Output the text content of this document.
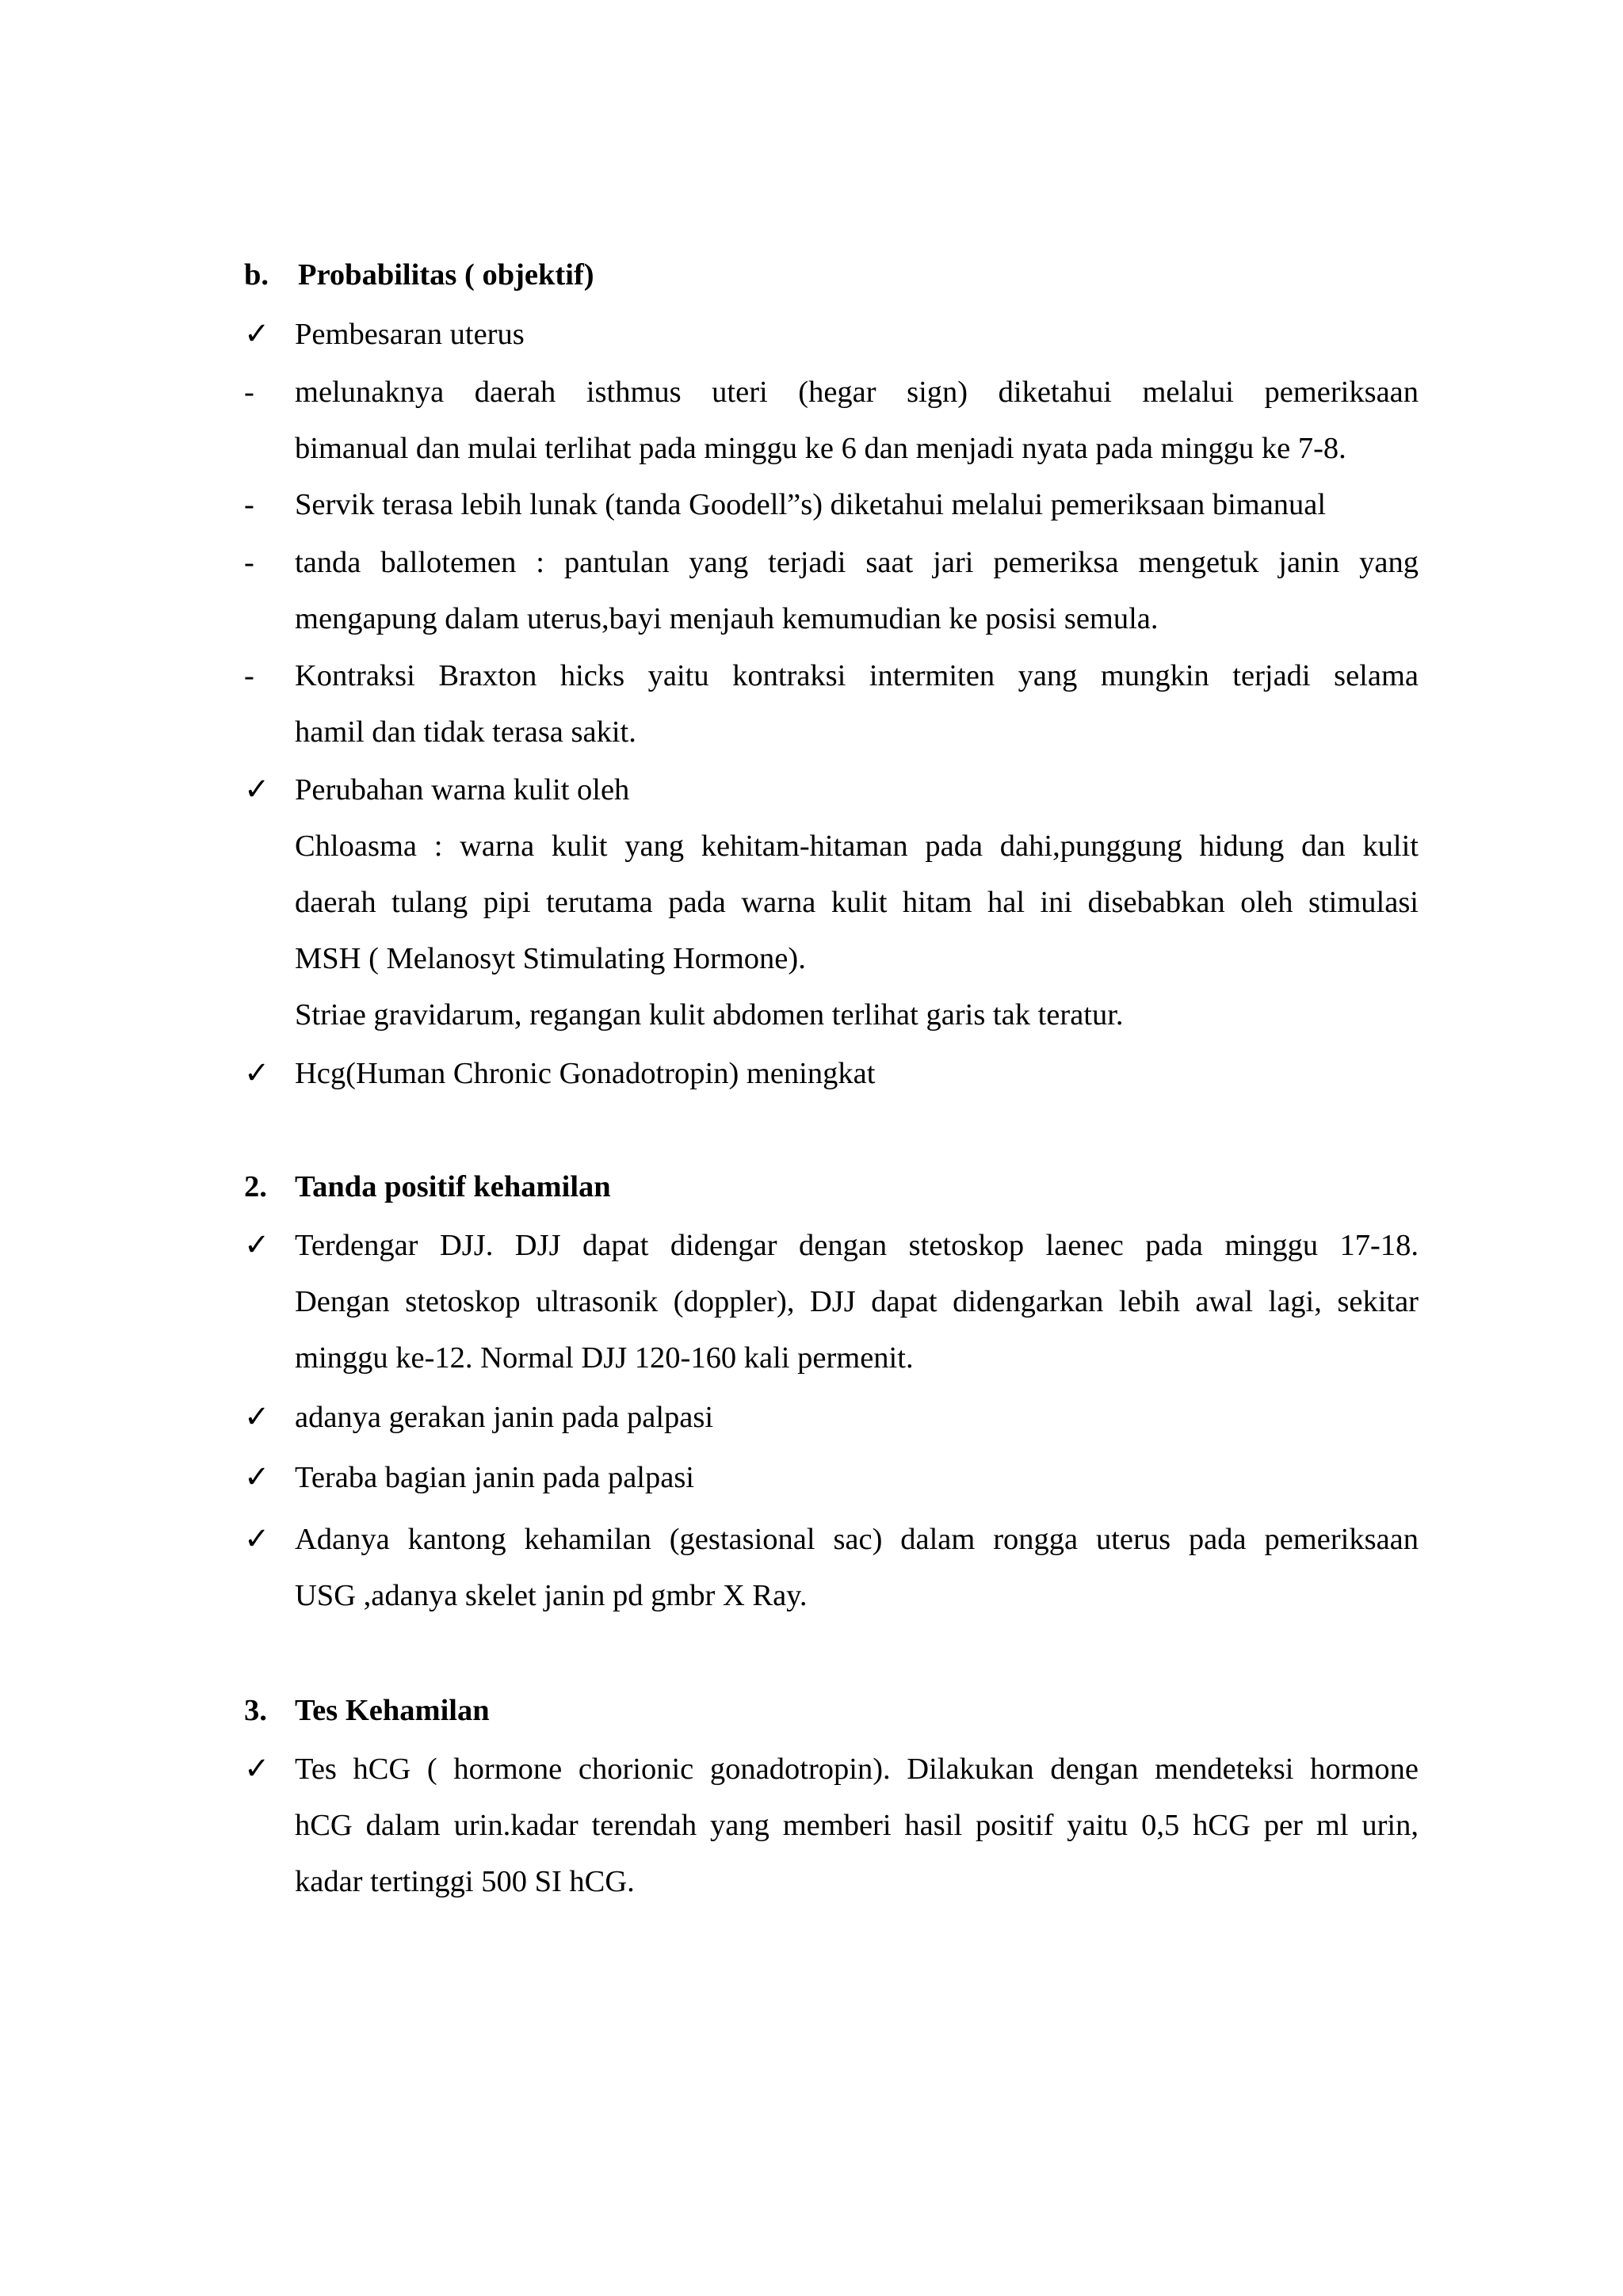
b. Probabilitas ( objektif)
✓ Pembesaran uterus
- melunaknya daerah isthmus uteri (hegar sign) diketahui melalui pemeriksaan
bimanual dan mulai terlihat pada minggu ke 6 dan menjadi nyata pada minggu ke 7-8.
- Servik terasa lebih lunak (tanda Goodell”s) diketahui melalui pemeriksaan bimanual
- tanda ballotemen : pantulan yang terjadi saat jari pemeriksa mengetuk janin yang
mengapung dalam uterus,bayi menjauh kemumudian ke posisi semula.
- Kontraksi Braxton hicks yaitu kontraksi intermiten yang mungkin terjadi selama
hamil dan tidak terasa sakit.
✓ Perubahan warna kulit oleh
Chloasma : warna kulit yang kehitam-hitaman pada dahi,punggung hidung dan kulit
daerah tulang pipi terutama pada warna kulit hitam hal ini disebabkan oleh stimulasi
MSH ( Melanosyt Stimulating Hormone).
Striae gravidarum, regangan kulit abdomen terlihat garis tak teratur.
✓ Hcg(Human Chronic Gonadotropin) meningkat
2. Tanda positif kehamilan
✓ Terdengar DJJ. DJJ dapat didengar dengan stetoskop laenec pada minggu 17-18.
Dengan stetoskop ultrasonik (doppler), DJJ dapat didengarkan lebih awal lagi, sekitar
minggu ke-12. Normal DJJ 120-160 kali permenit.
✓ adanya gerakan janin pada palpasi
✓ Teraba bagian janin pada palpasi
✓ Adanya kantong kehamilan (gestasional sac) dalam rongga uterus pada pemeriksaan
USG ,adanya skelet janin pd gmbr X Ray.
3. Tes Kehamilan
✓ Tes hCG ( hormone chorionic gonadotropin). Dilakukan dengan mendeteksi hormone
hCG dalam urin.kadar terendah yang memberi hasil positif yaitu 0,5 hCG per ml urin,
kadar tertinggi 500 SI hCG.
